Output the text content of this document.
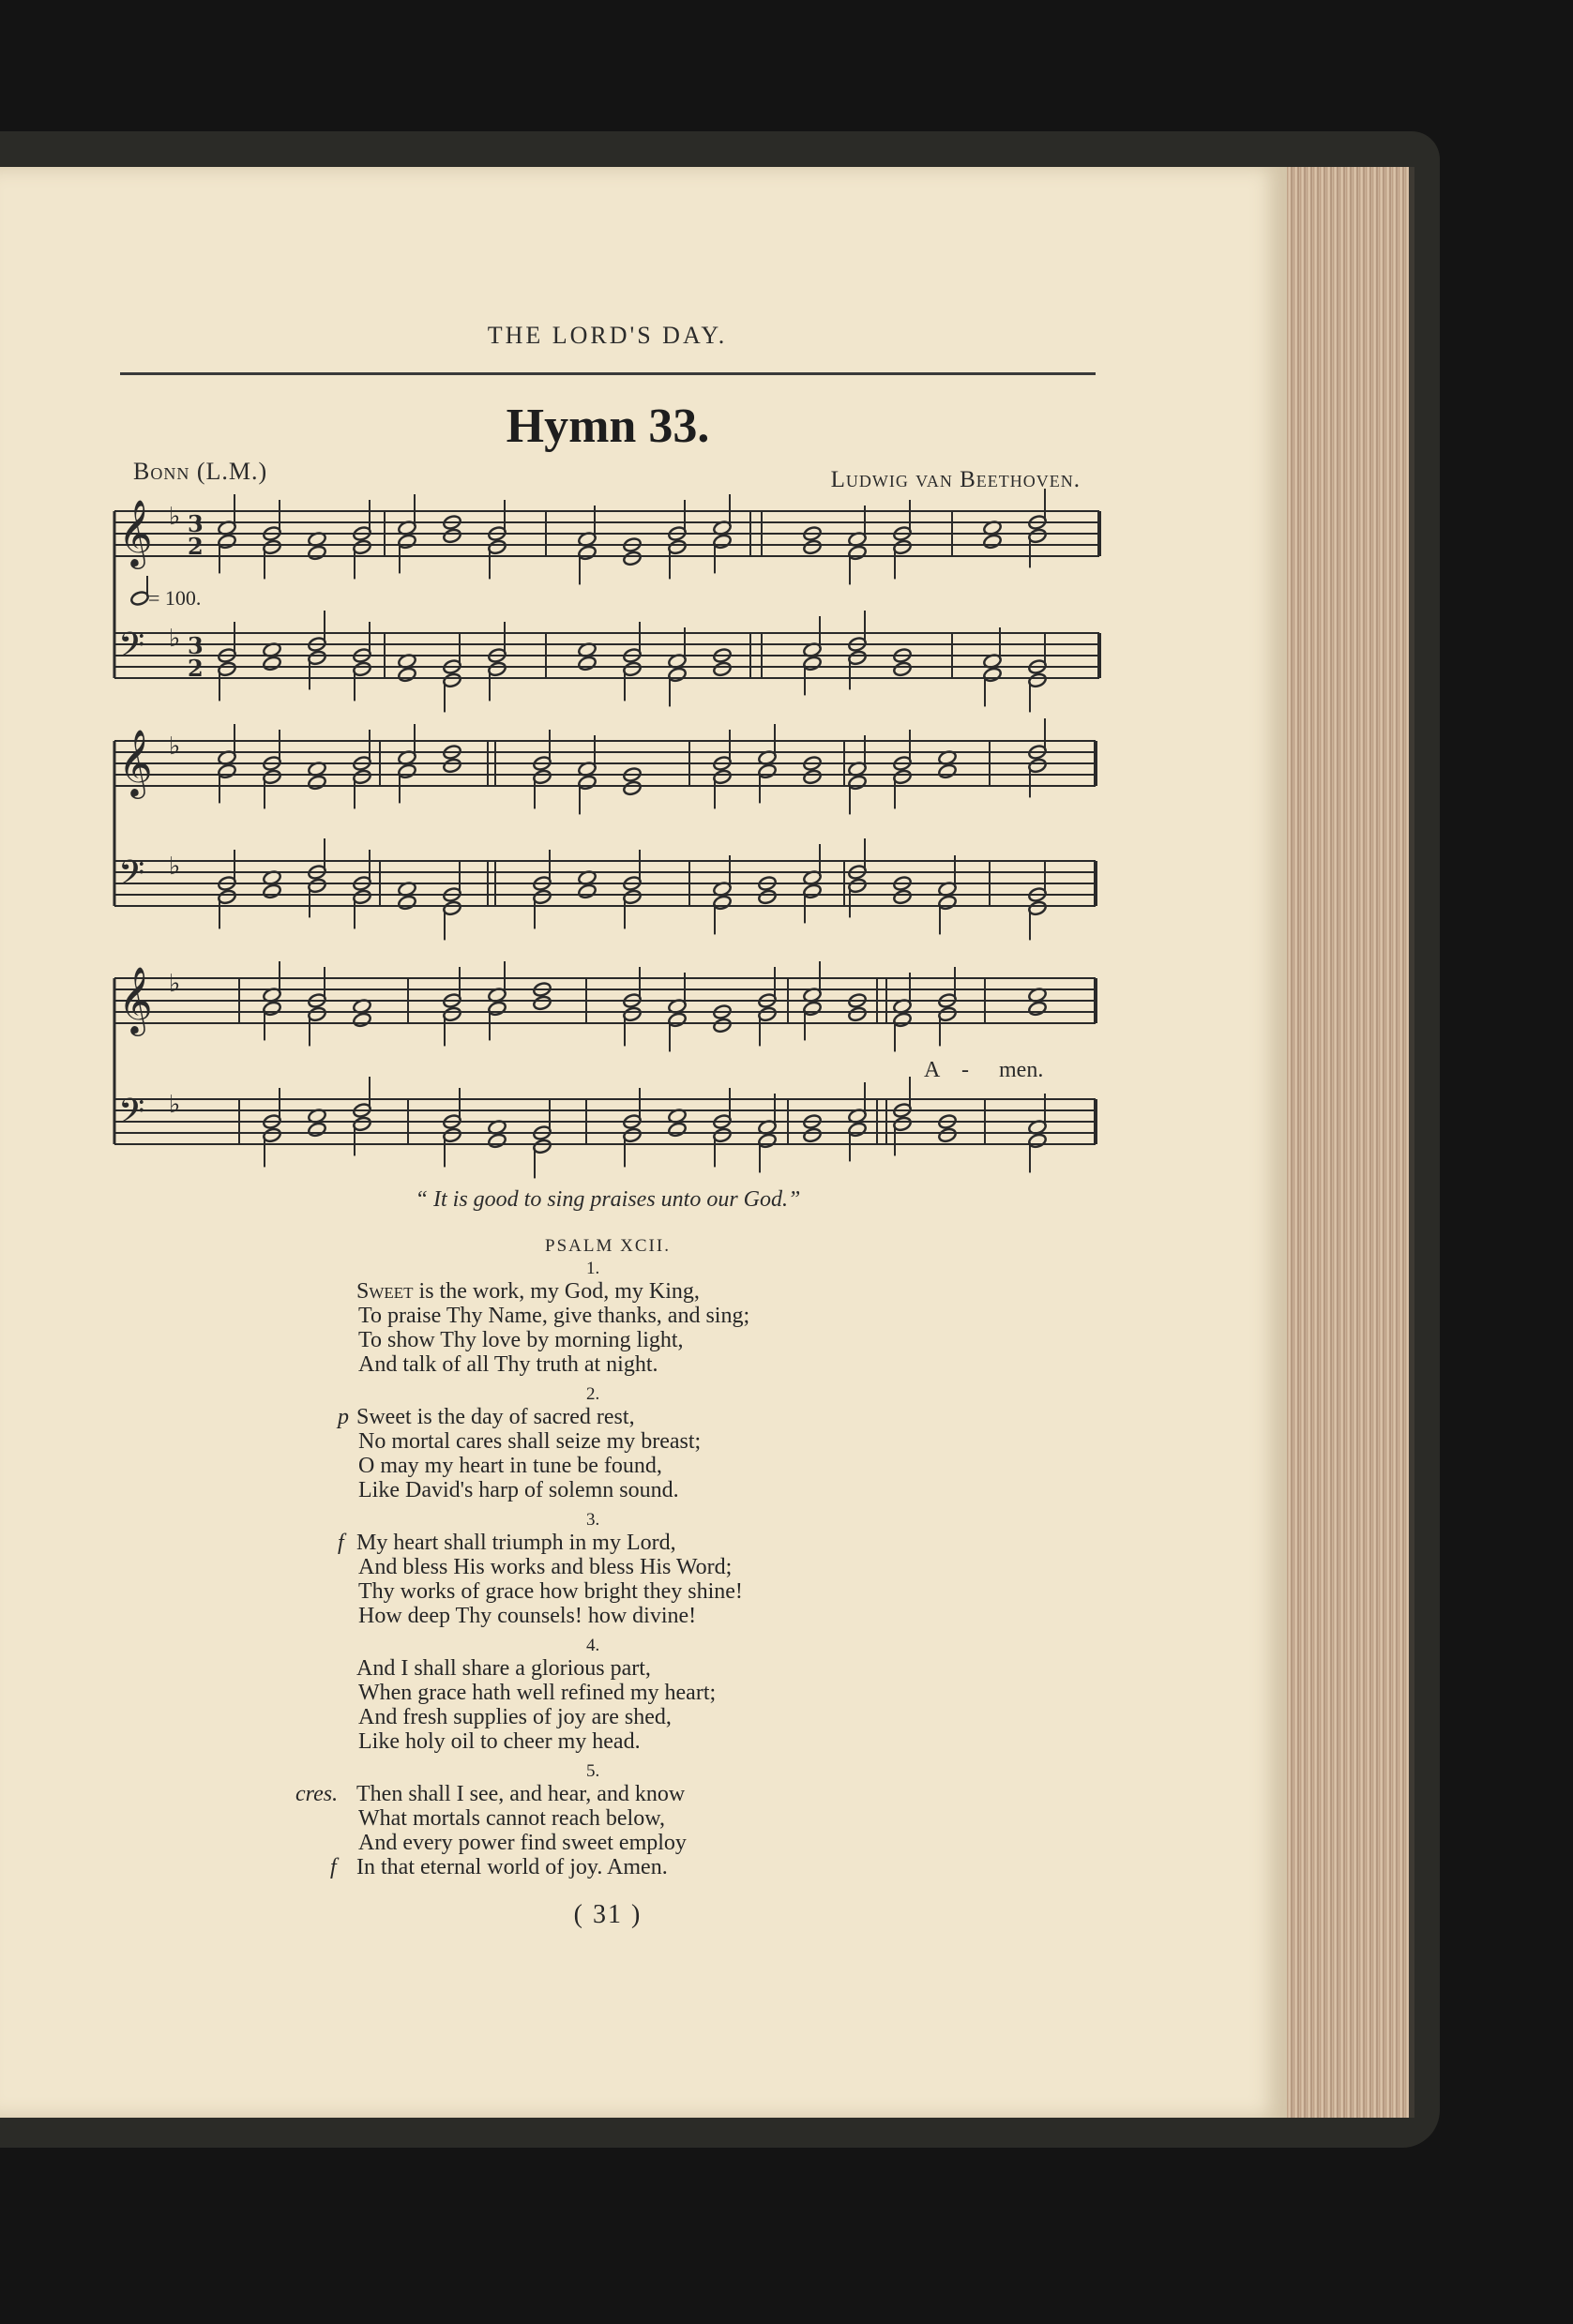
THE LORD'S DAY.
Hymn 33.
Bonn (L.M.)	Ludwig van Beethoven.
𝄞 ♭
𝄢 ♭
𝄞 ♭
𝄢 ♭
𝄞 ♭
𝄢 ♭
3
2
3
2
= 100.
A - men.
“ It is good to sing praises unto our God.”
PSALM XCII.
1.
Sweet is the work, my God, my King,
To praise Thy Name, give thanks, and sing;
To show Thy love by morning light,
And talk of all Thy truth at night.
p
2.
Sweet is the day of sacred rest,
No mortal cares shall seize my breast;
O may my heart in tune be found,
Like David's harp of solemn sound.
f
3.
My heart shall triumph in my Lord,
And bless His works and bless His Word;
Thy works of grace how bright they shine!
How deep Thy counsels! how divine!
4.
And I shall share a glorious part,
When grace hath well refined my heart;
And fresh supplies of joy are shed,
Like holy oil to cheer my head.
cres.
f
5.
Then shall I see, and hear, and know
What mortals cannot reach below,
And every power find sweet employ
In that eternal world of joy. Amen.
( 31 )
